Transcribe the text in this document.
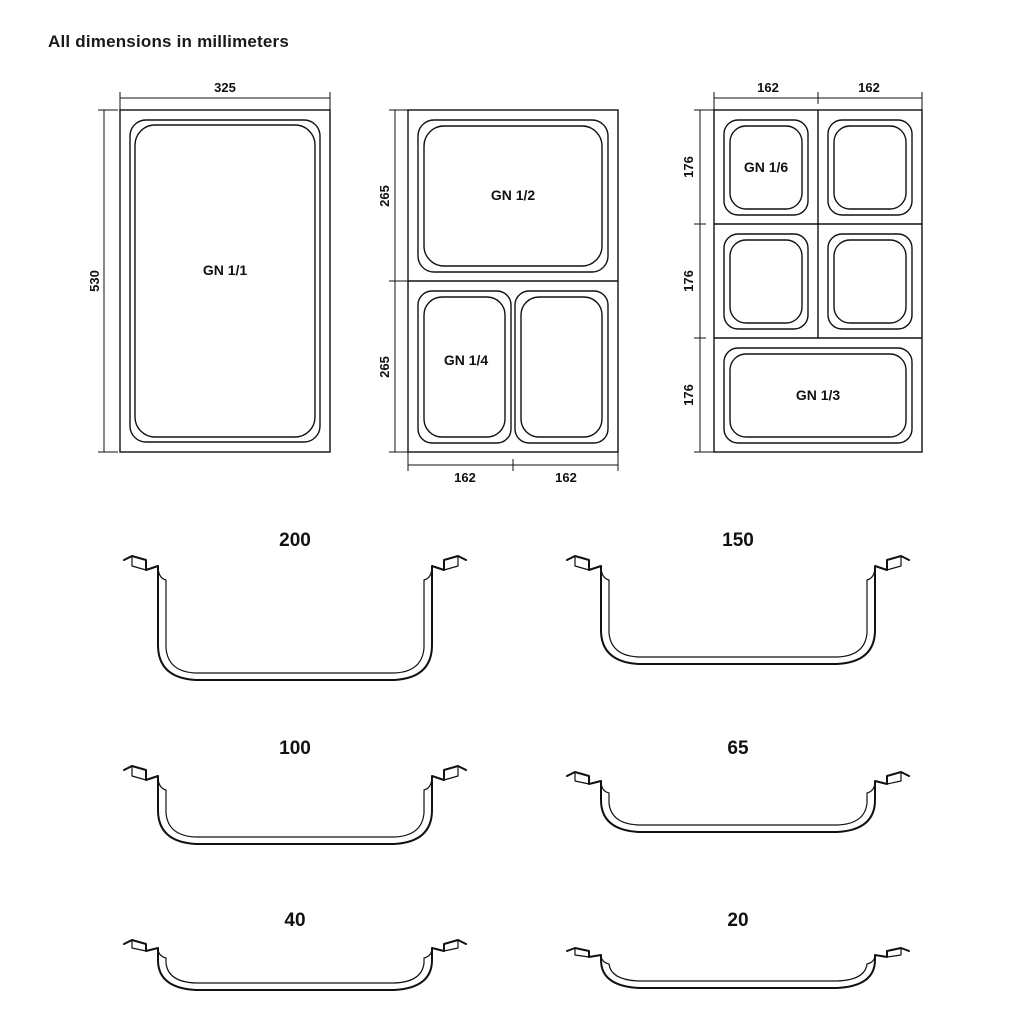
All dimensions in millimeters
325
530
GN 1/1
GN 1/2
GN 1/4
162	162
265
265
162	162
176
176
176
GN 1/6
GN 1/3
200	150
100	65
40	20
